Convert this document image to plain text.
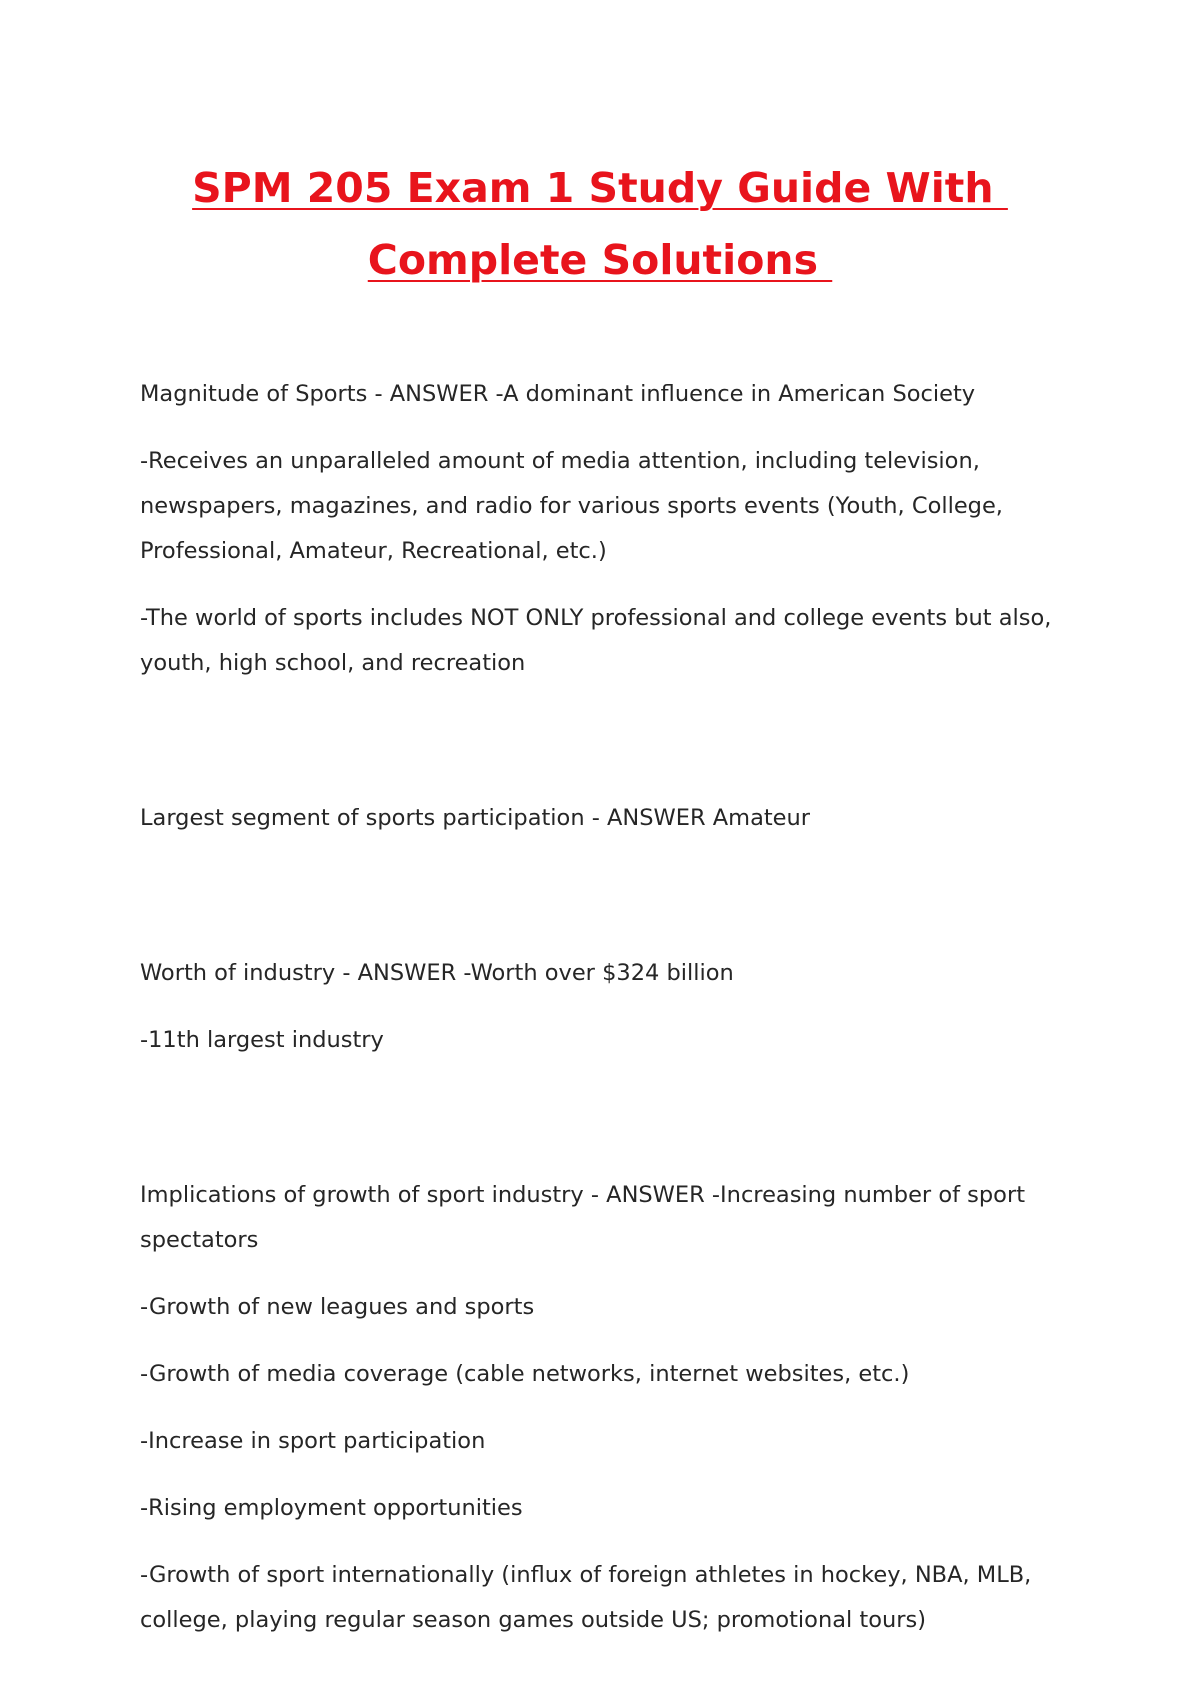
SPM 205 Exam 1 Study Guide With
Complete Solutions

Magnitude of Sports - ANSWER -A dominant influence in American Society

-Receives an unparalleled amount of media attention, including television, newspapers, magazines, and radio for various sports events (Youth, College, Professional, Amateur, Recreational, etc.)

-The world of sports includes NOT ONLY professional and college events but also, youth, high school, and recreation

Largest segment of sports participation - ANSWER Amateur

Worth of industry - ANSWER -Worth over $324 billion

-11th largest industry

Implications of growth of sport industry - ANSWER -Increasing number of sport spectators

-Growth of new leagues and sports

-Growth of media coverage (cable networks, internet websites, etc.)

-Increase in sport participation

-Rising employment opportunities

-Growth of sport internationally (influx of foreign athletes in hockey, NBA, MLB, college, playing regular season games outside US; promotional tours)
